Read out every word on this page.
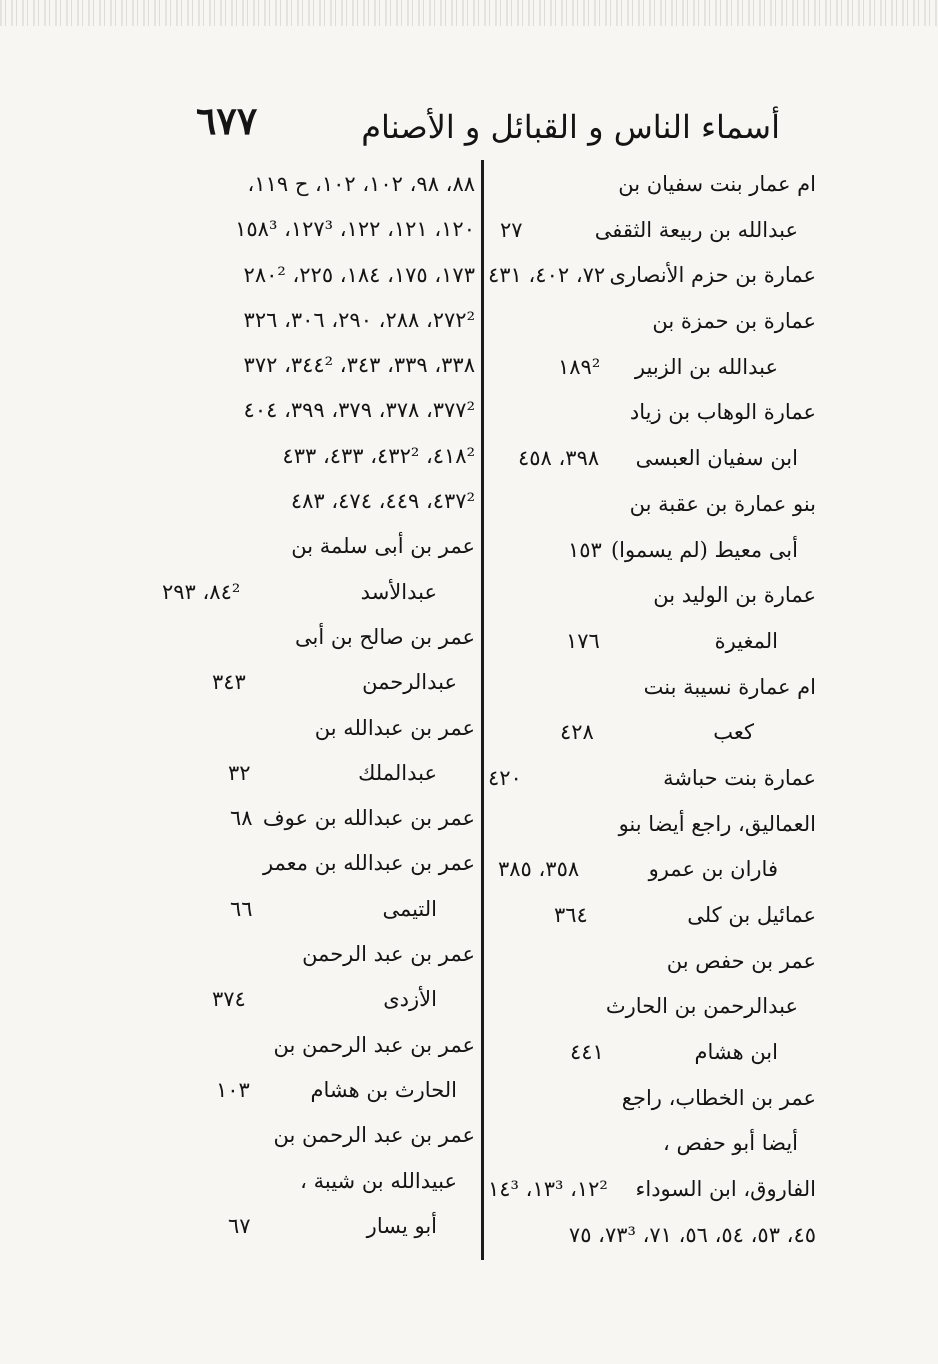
أسماء الناس و القبائل و الأصنام
٦٧٧
ام عمار بنت سفيان بن
عبدالله بن ربيعة الثقفى
٢٧
عمارة بن حزم الأنصارى
٧٢، ٤٠٢، ٤٣١
عمارة بن حمزة بن
عبدالله بن الزبير
١٨٩²
عمارة الوهاب بن زياد
ابن سفيان العبسى
٣٩٨، ٤٥٨
بنو عمارة بن عقبة بن
أبى معيط (لم يسموا)
١٥٣
عمارة بن الوليد بن
المغيرة
١٧٦
ام عمارة نسيبة بنت
كعب
٤٢٨
عمارة بنت حباشة
٤٢٠
العماليق، راجع أيضا بنو
فاران بن عمرو
٣٥٨، ٣٨٥
عمائيل بن كلى
٣٦٤
عمر بن حفص بن
عبدالرحمن بن الحارث
ابن هشام
٤٤١
عمر بن الخطاب، راجع
أيضا أبو حفص ،
الفاروق، ابن السوداء
١٢²، ١٣³، ١٤³
٤٥، ٥٣، ٥٤، ٥٦، ٧١، ٧٣³، ٧٥
٨٨، ٩٨، ١٠٢، ١٠٢، ح ١١٩،
١٢٠، ١٢١، ١٢٢، ١٢٧³، ١٥٨³
١٧٣، ١٧٥، ١٨٤، ٢٢٥، ٢٨٠²
٢٧٢²، ٢٨٨، ٢٩٠، ٣٠٦، ٣٢٦
٣٣٨، ٣٣٩، ٣٤٣، ٣٤٤²، ٣٧٢
٣٧٧²، ٣٧٨، ٣٧٩، ٣٩٩، ٤٠٤
٤١٨²، ٤٣٢²، ٤٣٣، ٤٣٣
٤٣٧²، ٤٤٩، ٤٧٤، ٤٨٣
عمر بن أبى سلمة بن
عبدالأسد
٨٤²، ٢٩٣
عمر بن صالح بن أبى
عبدالرحمن
٣٤٣
عمر بن عبدالله بن
عبدالملك
٣٢
عمر بن عبدالله بن عوف
٦٨
عمر بن عبدالله بن معمر
التيمى
٦٦
عمر بن عبد الرحمن
الأزدى
٣٧٤
عمر بن عبد الرحمن بن
الحارث بن هشام
١٠٣
عمر بن عبد الرحمن بن
عبيدالله بن شيبة ،
أبو يسار
٦٧
